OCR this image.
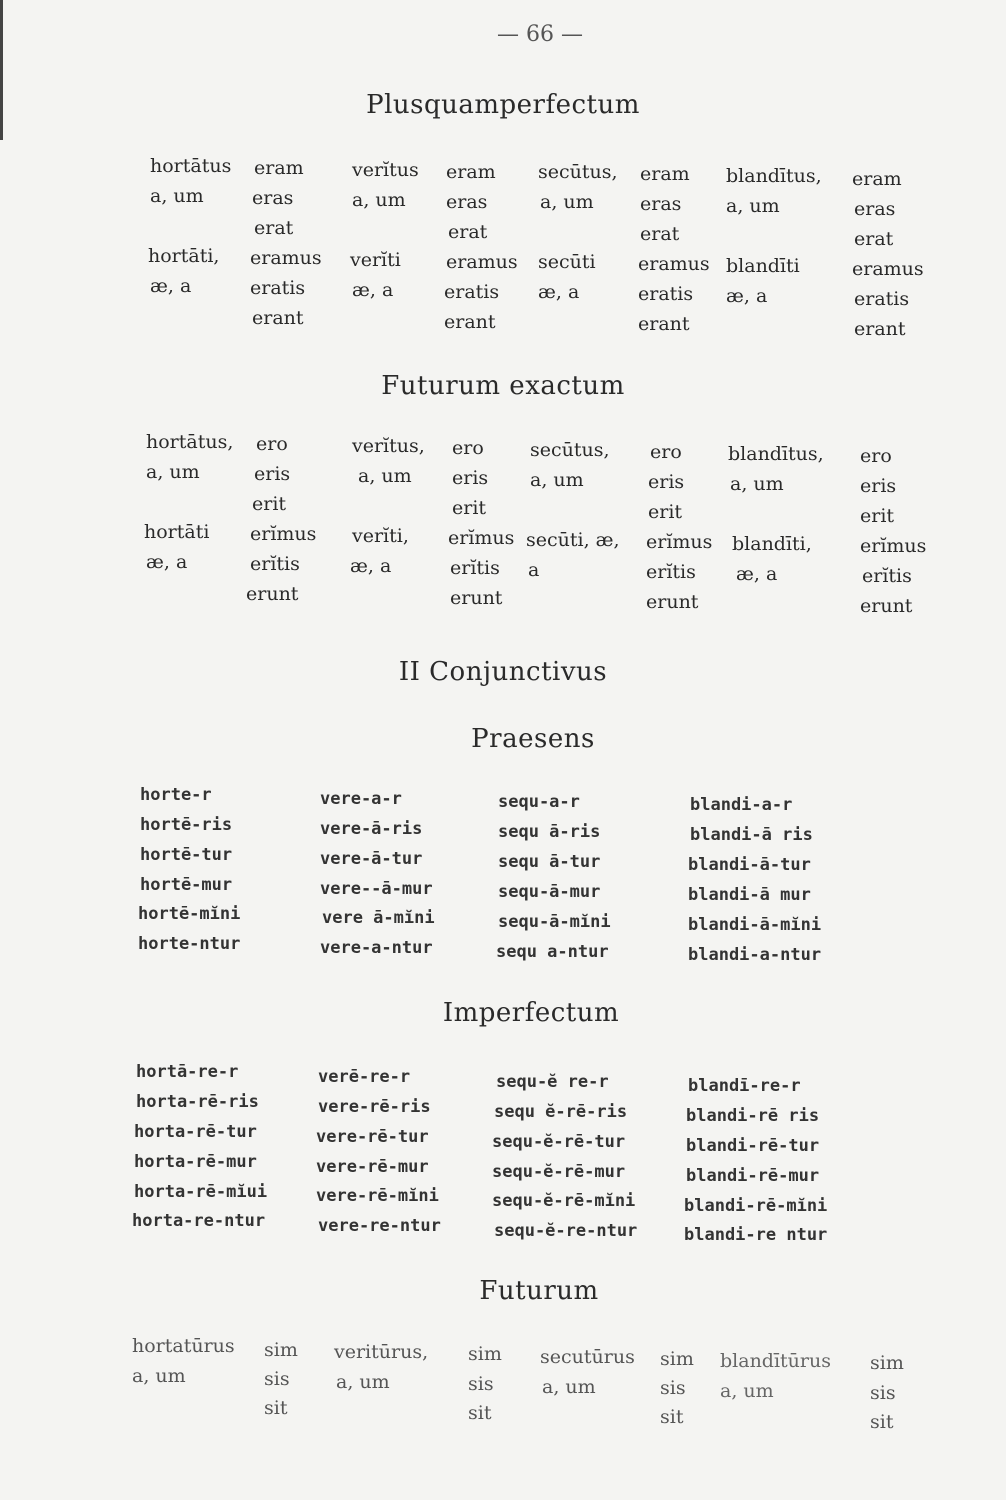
— 66 —
Plusquamperfectum
hortātus
a, um
hortāti,
æ, a
eram
eras
erat
eramus
eratis
erant
verĭtus
a, um
verĭti
æ, a
eram
eras
erat
eramus
eratis
erant
secūtus,
a, um
secūti
æ, a
eram
eras
erat
eramus
eratis
erant
blandītus,
a, um
blandīti
æ, a
eram
eras
erat
eramus
eratis
erant
Futurum exactum
hortātus,
a, um
hortāti
æ, a
ero
eris
erit
erĭmus
erĭtis
erunt
verĭtus,
a, um
verĭti,
æ, a
ero
eris
erit
erĭmus
erĭtis
erunt
secūtus,
a, um
secūti, æ,
a
ero
eris
erit
erĭmus
erĭtis
erunt
blandītus,
a, um
blandīti,
æ, a
ero
eris
erit
erĭmus
erĭtis
erunt
II Conjunctivus
Praesens
horte-r
hortē-ris
hortē-tur
hortē-mur
hortē-mĭni
horte-ntur
vere-a-r
vere-ā-ris
vere-ā-tur
vere--ā-mur
vere ā-mĭni
vere-a-ntur
sequ-a-r
sequ ā-ris
sequ ā-tur
sequ-ā-mur
sequ-ā-mĭni
sequ a-ntur
blandi-a-r
blandi-ā ris
blandi-ā-tur
blandi-ā mur
blandi-ā-mĭni
blandi-a-ntur
Imperfectum
hortā-re-r
horta-rē-ris
horta-rē-tur
horta-rē-mur
horta-rē-mĭui
horta-re-ntur
verē-re-r
vere-rē-ris
vere-rē-tur
vere-rē-mur
vere-rē-mĭni
vere-re-ntur
sequ-ĕ re-r
sequ ĕ-rē-ris
sequ-ĕ-rē-tur
sequ-ĕ-rē-mur
sequ-ĕ-rē-mĭni
sequ-ĕ-re-ntur
blandī-re-r
blandi-rē ris
blandi-rē-tur
blandi-rē-mur
blandi-rē-mĭni
blandi-re ntur
Futurum
hortatūrus
a, um
sim
sis
sit
veritūrus,
a, um
sim
sis
sit
secutūrus
a, um
sim
sis
sit
blandītūrus
a, um
sim
sis
sit
